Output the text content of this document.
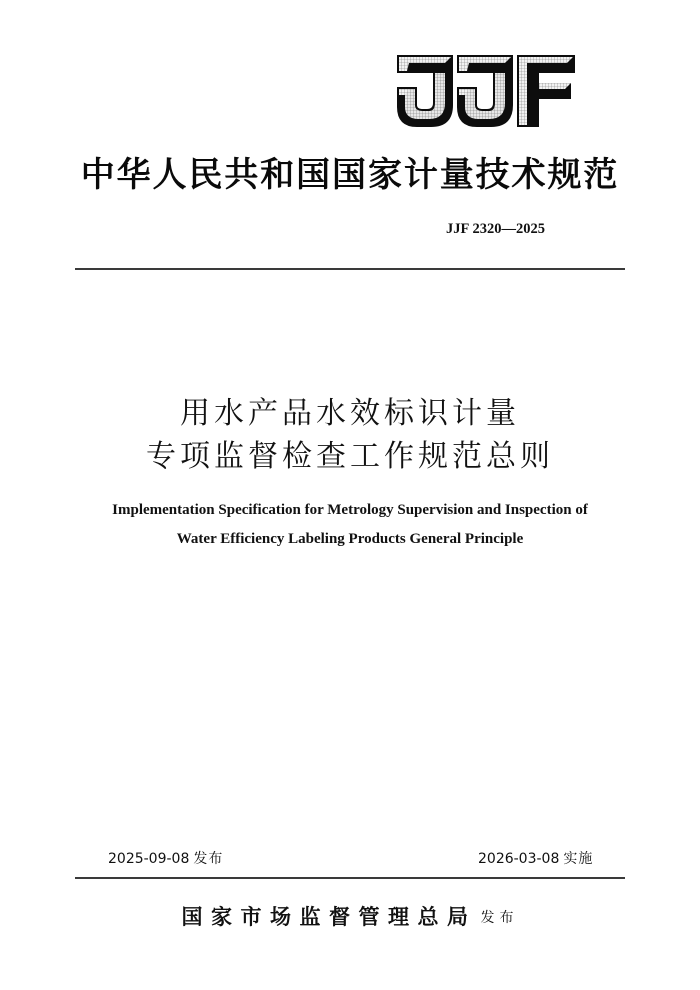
中华人民共和国国家计量技术规范
JJF 2320—2025
用水产品水效标识计量
专项监督检查工作规范总则
Implementation Specification for Metrology Supervision and Inspection of
Water Efficiency Labeling Products General Principle
2025-09-08 发布	2026-03-08 实施
国家市场监督管理总局 发布
